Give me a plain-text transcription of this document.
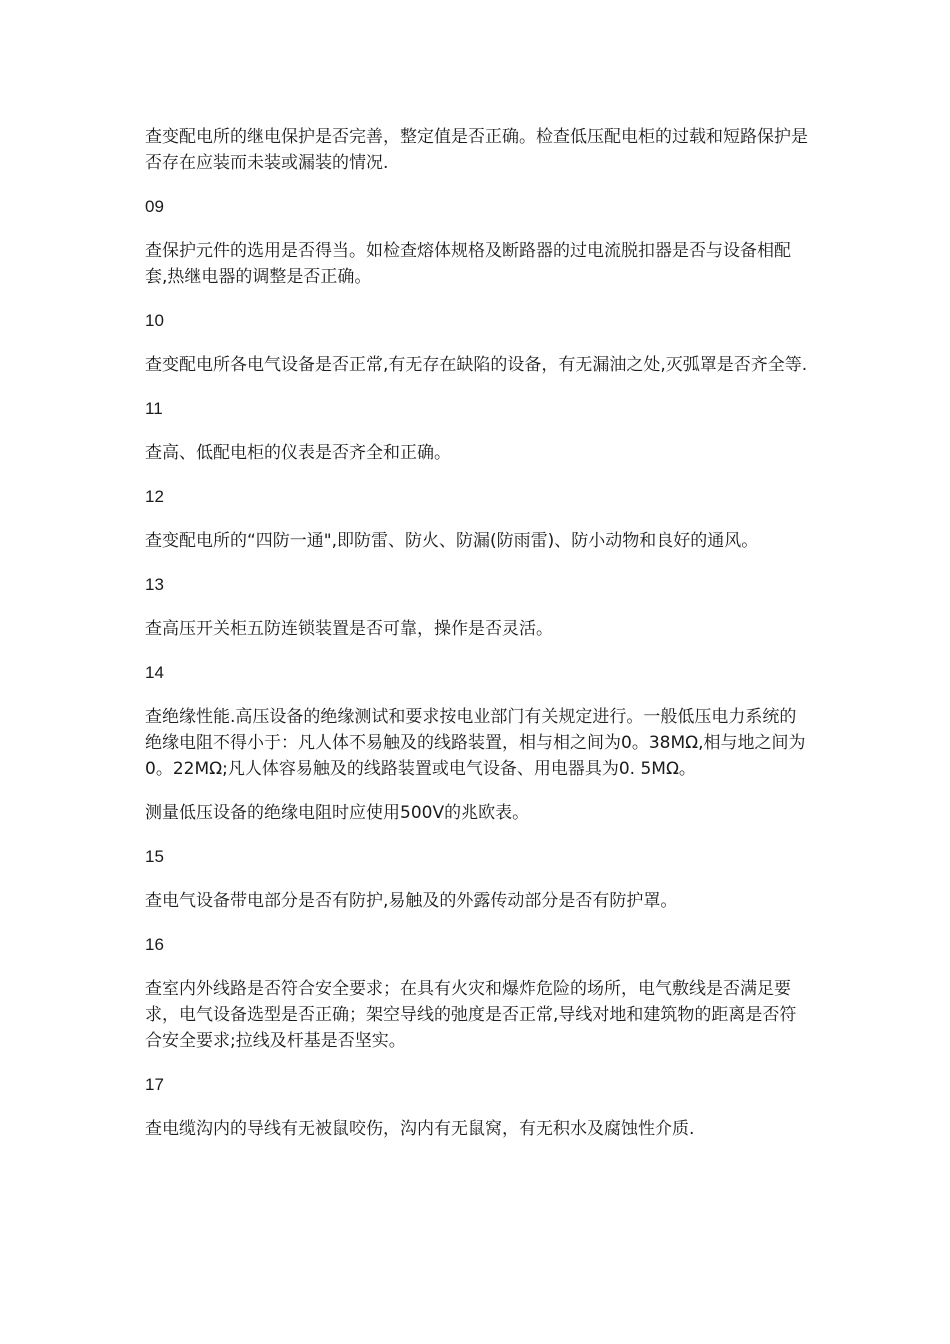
查变配电所的继电保护是否完善，整定值是否正确。检查低压配电柜的过载和短路保护是否存在应装而未装或漏装的情况.

09

查保护元件的选用是否得当。如检查熔体规格及断路器的过电流脱扣器是否与设备相配套,热继电器的调整是否正确。

10

查变配电所各电气设备是否正常,有无存在缺陷的设备，有无漏油之处,灭弧罩是否齐全等.

11

查高、低配电柜的仪表是否齐全和正确。

12

查变配电所的“四防一通",即防雷、防火、防漏(防雨雷)、防小动物和良好的通风。

13

查高压开关柜五防连锁装置是否可靠，操作是否灵活。

14

查绝缘性能.高压设备的绝缘测试和要求按电业部门有关规定进行。一般低压电力系统的绝缘电阻不得小于：凡人体不易触及的线路装置，相与相之间为0。38MΩ,相与地之间为0。22MΩ;凡人体容易触及的线路装置或电气设备、用电器具为0. 5MΩ。

测量低压设备的绝缘电阻时应使用500V的兆欧表。

15

查电气设备带电部分是否有防护,易触及的外露传动部分是否有防护罩。

16

查室内外线路是否符合安全要求；在具有火灾和爆炸危险的场所，电气敷线是否满足要求，电气设备选型是否正确；架空导线的弛度是否正常,导线对地和建筑物的距离是否符合安全要求;拉线及杆基是否坚实。

17

查电缆沟内的导线有无被鼠咬伤，沟内有无鼠窝，有无积水及腐蚀性介质.
